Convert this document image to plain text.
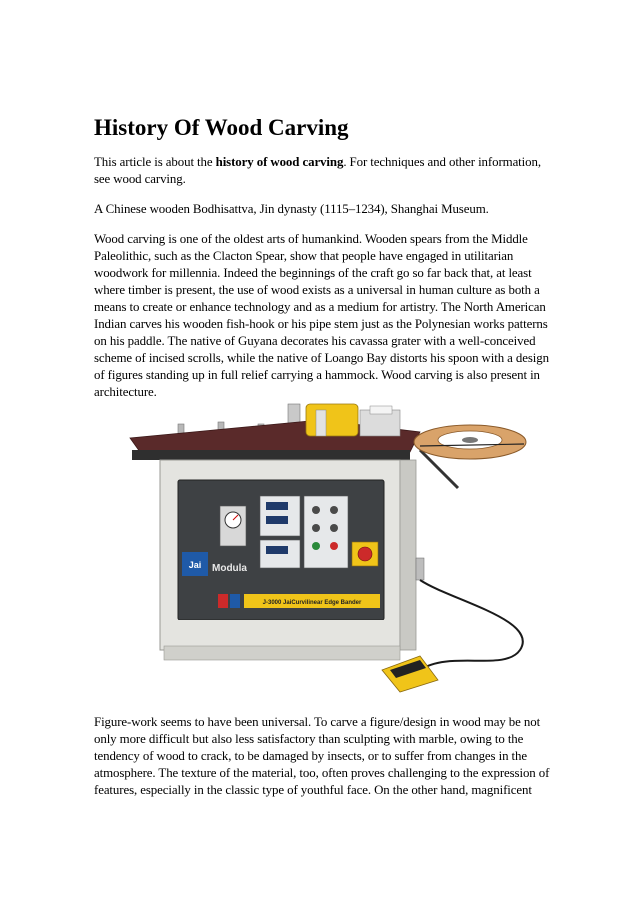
History Of Wood Carving

This article is about the history of wood carving. For techniques and other information, see wood carving.

A Chinese wooden Bodhisattva, Jin dynasty (1115–1234), Shanghai Museum.

Wood carving is one of the oldest arts of humankind. Wooden spears from the Middle Paleolithic, such as the Clacton Spear, show that people have engaged in utilitarian woodwork for millennia. Indeed the beginnings of the craft go so far back that, at least where timber is present, the use of wood exists as a universal in human culture as both a means to create or enhance technology and as a medium for artistry. The North American Indian carves his wooden fish-hook or his pipe stem just as the Polynesian works patterns on his paddle. The native of Guyana decorates his cavassa grater with a well-conceived scheme of incised scrolls, while the native of Loango Bay distorts his spoon with a design of figures standing up in full relief carrying a hammock. Wood carving is also present in architecture.

Jai Modula
J-3000 JaiCurvilinear Edge Bander

Figure-work seems to have been universal. To carve a figure/design in wood may be not only more difficult but also less satisfactory than sculpting with marble, owing to the tendency of wood to crack, to be damaged by insects, or to suffer from changes in the atmosphere. The texture of the material, too, often proves challenging to the expression of features, especially in the classic type of youthful face. On the other hand, magnificent
